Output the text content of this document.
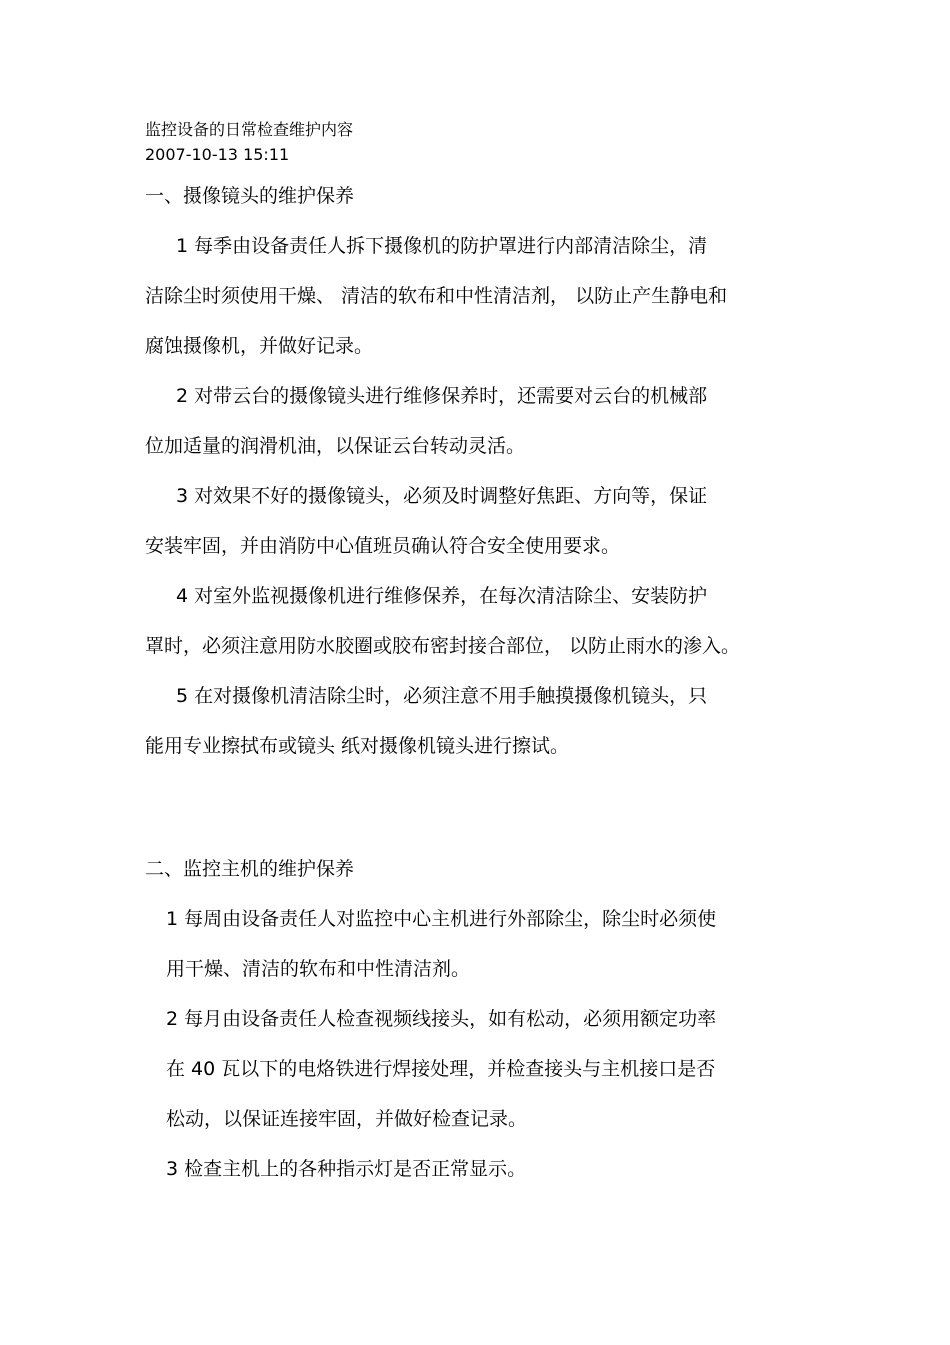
监控设备的日常检查维护内容
2007-10-13 15:11
一、摄像镜头的维护保养
1 每季由设备责任人拆下摄像机的防护罩进行内部清洁除尘，清
洁除尘时须使用干燥、 清洁的软布和中性清洁剂， 以防止产生静电和
腐蚀摄像机，并做好记录。
2 对带云台的摄像镜头进行维修保养时，还需要对云台的机械部
位加适量的润滑机油，以保证云台转动灵活。
3 对效果不好的摄像镜头，必须及时调整好焦距、方向等，保证
安装牢固，并由消防中心值班员确认符合安全使用要求。
4 对室外监视摄像机进行维修保养，在每次清洁除尘、安装防护
罩时，必须注意用防水胶圈或胶布密封接合部位， 以防止雨水的渗入。
5 在对摄像机清洁除尘时，必须注意不用手触摸摄像机镜头，只
能用专业擦拭布或镜头 纸对摄像机镜头进行擦试。
二、监控主机的维护保养
1 每周由设备责任人对监控中心主机进行外部除尘，除尘时必须使
用干燥、清洁的软布和中性清洁剂。
2 每月由设备责任人检查视频线接头，如有松动，必须用额定功率
在 40 瓦以下的电烙铁进行焊接处理，并检查接头与主机接口是否
松动，以保证连接牢固，并做好检查记录。
3 检查主机上的各种指示灯是否正常显示。
